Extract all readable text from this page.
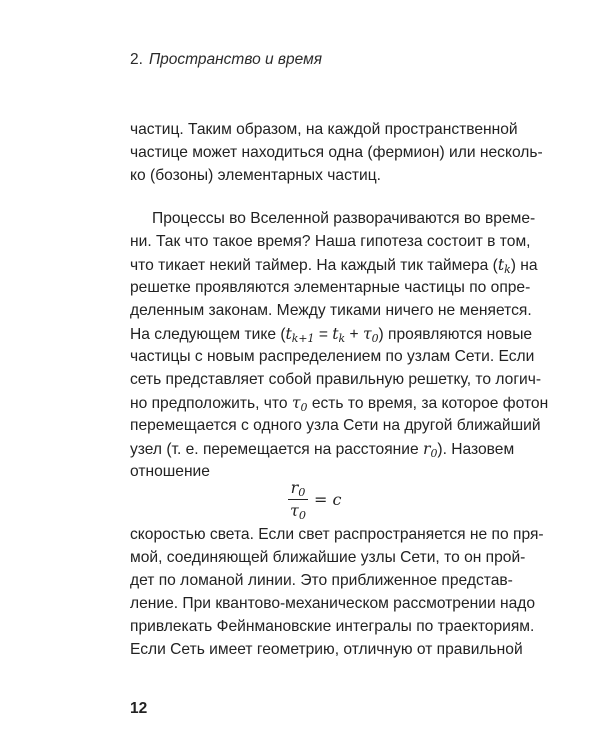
2. Пространство и время
частиц. Таким образом, на каждой пространственной
частице может находиться одна (фермион) или несколь-
ко (бозоны) элементарных частиц.
Процессы во Вселенной разворачиваются во време-
ни. Так что такое время? Наша гипотеза состоит в том,
что тикает некий таймер. На каждый тик таймера $(t_k)$ на
решетке проявляются элементарные частицы по опре-
деленным законам. Между тиками ничего не меняется.
На следующем тике $(t_{k+1} = t_k + \tau_0)$ проявляются новые
частицы с новым распределением по узлам Сети. Если
сеть представляет собой правильную решетку, то логич-
но предположить, что $\tau_0$ есть то время, за которое фотон
перемещается с одного узла Сети на другой ближайший
узел (т. е. перемещается на расстояние $r_0$). Назовем
отношение
$\frac{r_0}{\tau_0} = c$
скоростью света. Если свет распространяется не по пря-
мой, соединяющей ближайшие узлы Сети, то он прой-
дет по ломаной линии. Это приближенное представ-
ление. При квантово-механическом рассмотрении надо
привлекать Фейнмановские интегралы по траекториям.
Если Сеть имеет геометрию, отличную от правильной
12
